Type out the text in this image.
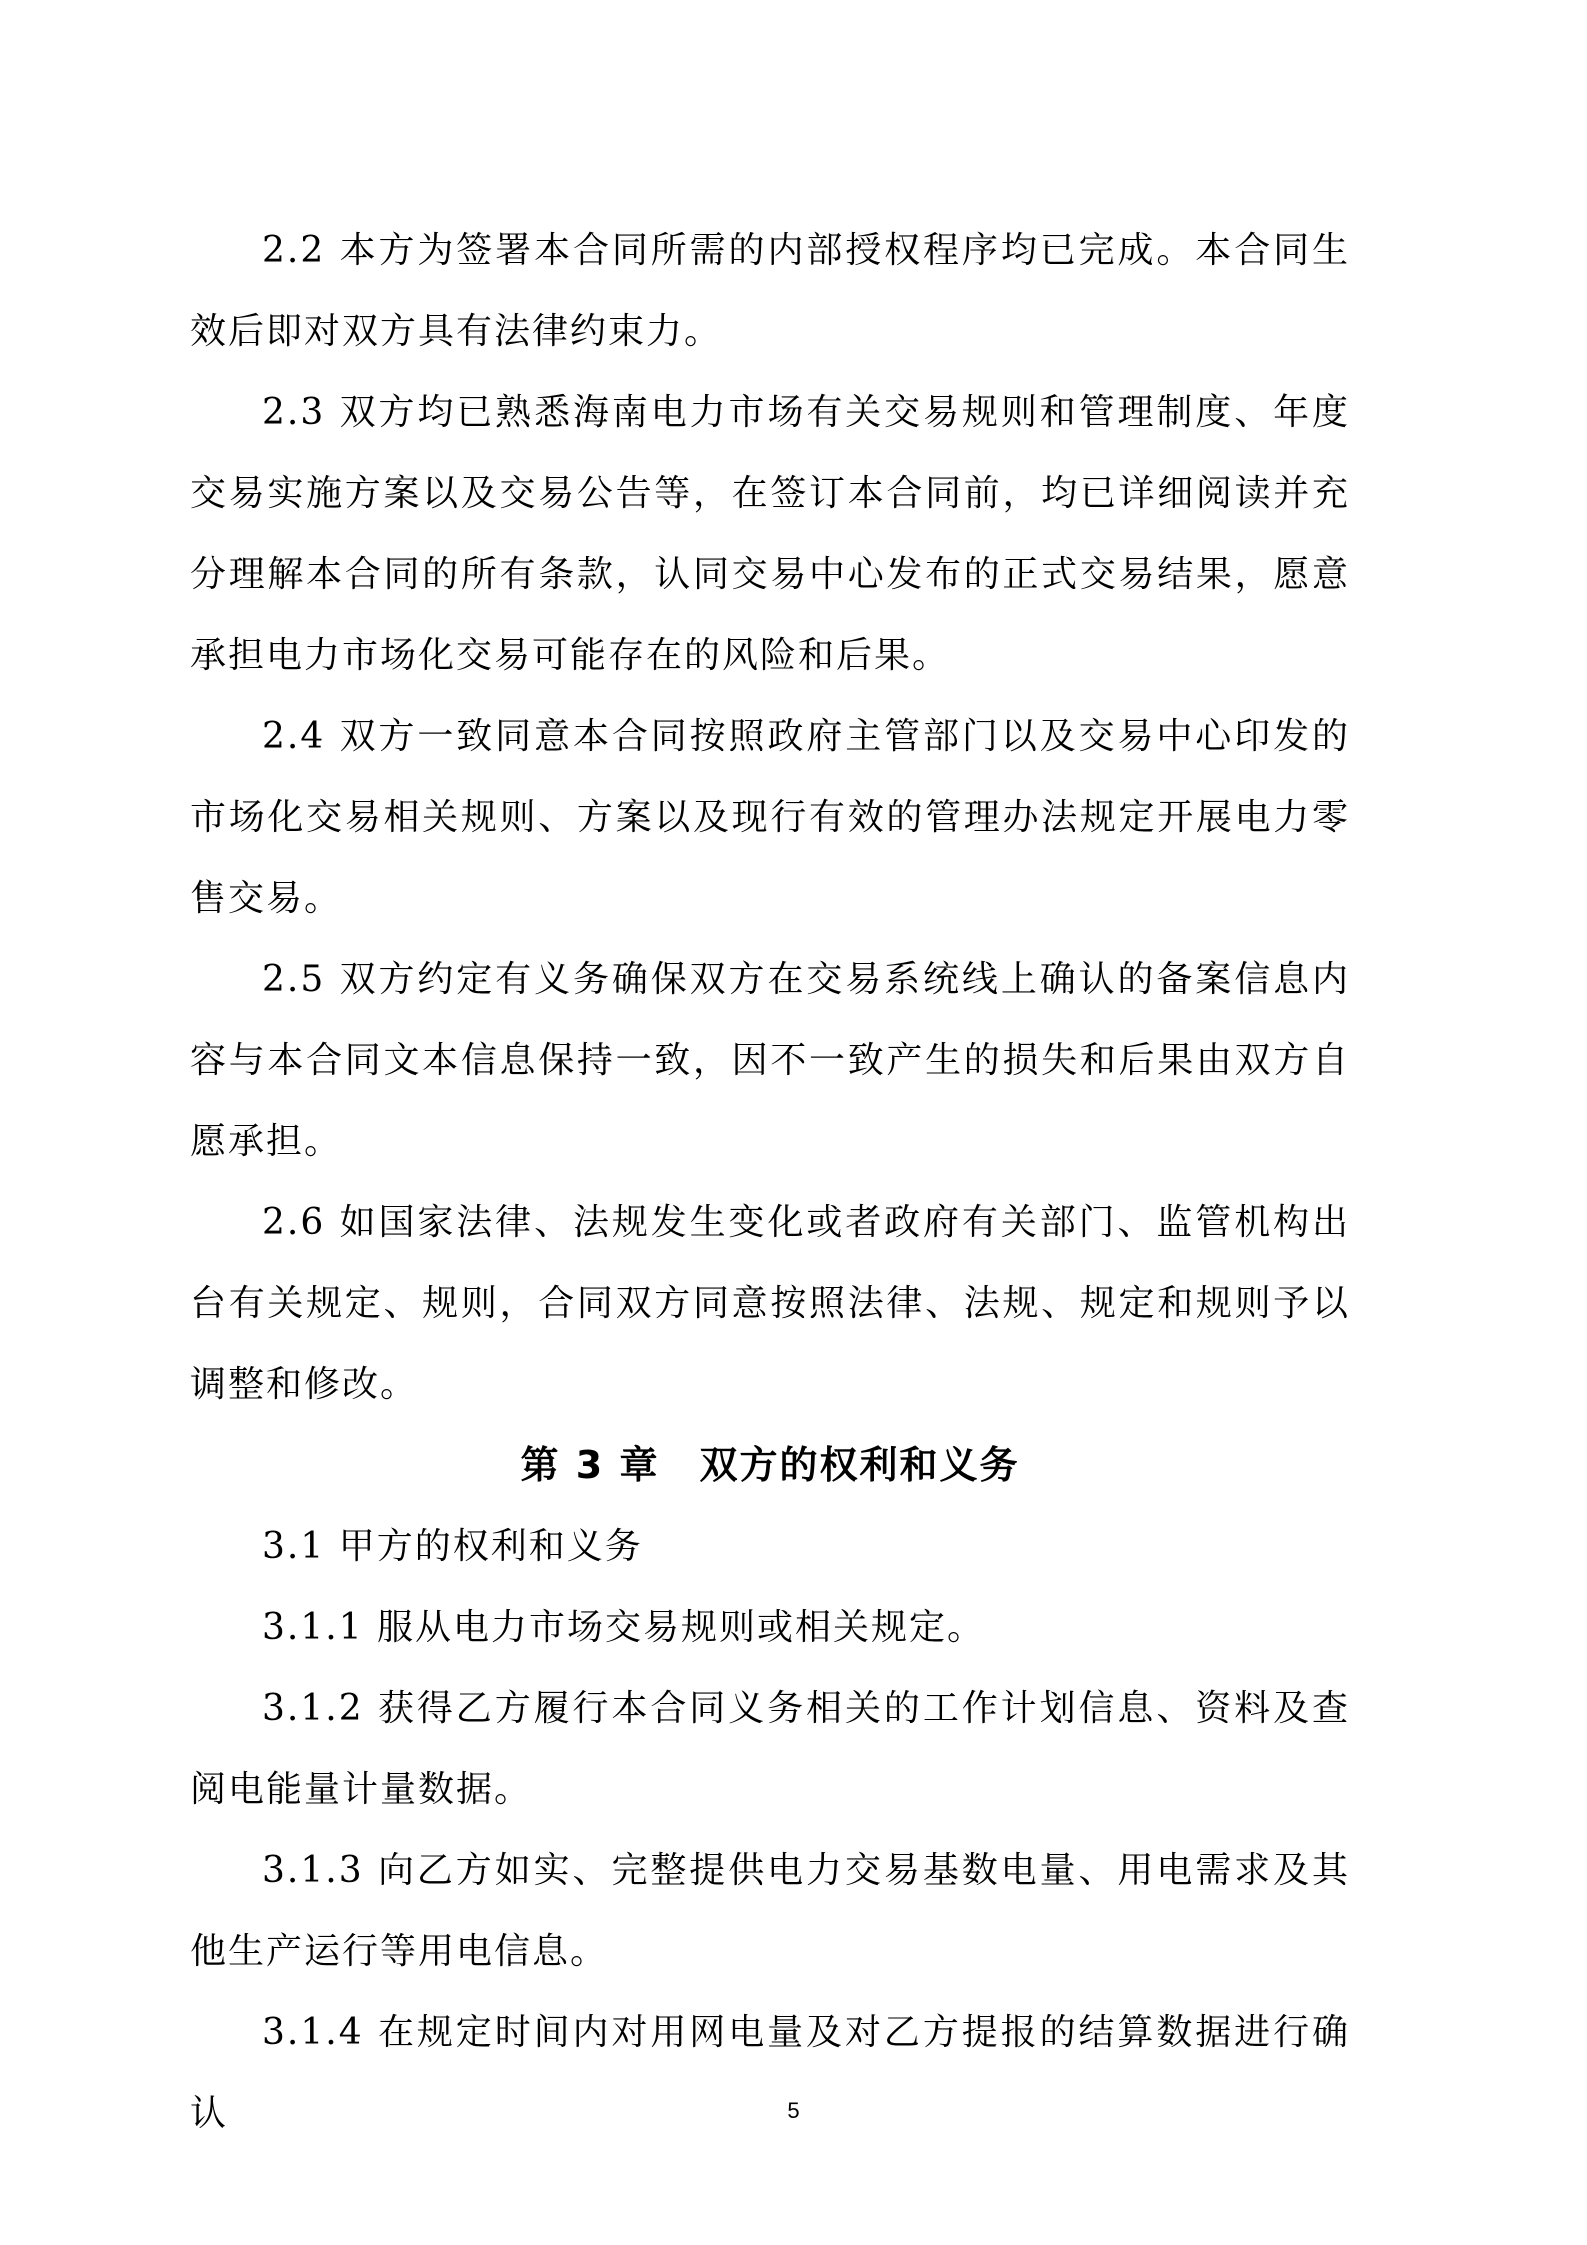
2.2 本方为签署本合同所需的内部授权程序均已完成。本合同生效后即对双方具有法律约束力。

2.3 双方均已熟悉海南电力市场有关交易规则和管理制度、年度交易实施方案以及交易公告等，在签订本合同前，均已详细阅读并充分理解本合同的所有条款，认同交易中心发布的正式交易结果，愿意承担电力市场化交易可能存在的风险和后果。

2.4 双方一致同意本合同按照政府主管部门以及交易中心印发的市场化交易相关规则、方案以及现行有效的管理办法规定开展电力零售交易。

2.5 双方约定有义务确保双方在交易系统线上确认的备案信息内容与本合同文本信息保持一致，因不一致产生的损失和后果由双方自愿承担。

2.6 如国家法律、法规发生变化或者政府有关部门、监管机构出台有关规定、规则，合同双方同意按照法律、法规、规定和规则予以调整和修改。

第 3 章　双方的权利和义务

3.1 甲方的权利和义务

3.1.1 服从电力市场交易规则或相关规定。

3.1.2 获得乙方履行本合同义务相关的工作计划信息、资料及查阅电能量计量数据。

3.1.3 向乙方如实、完整提供电力交易基数电量、用电需求及其他生产运行等用电信息。

3.1.4 在规定时间内对用网电量及对乙方提报的结算数据进行确认	5
